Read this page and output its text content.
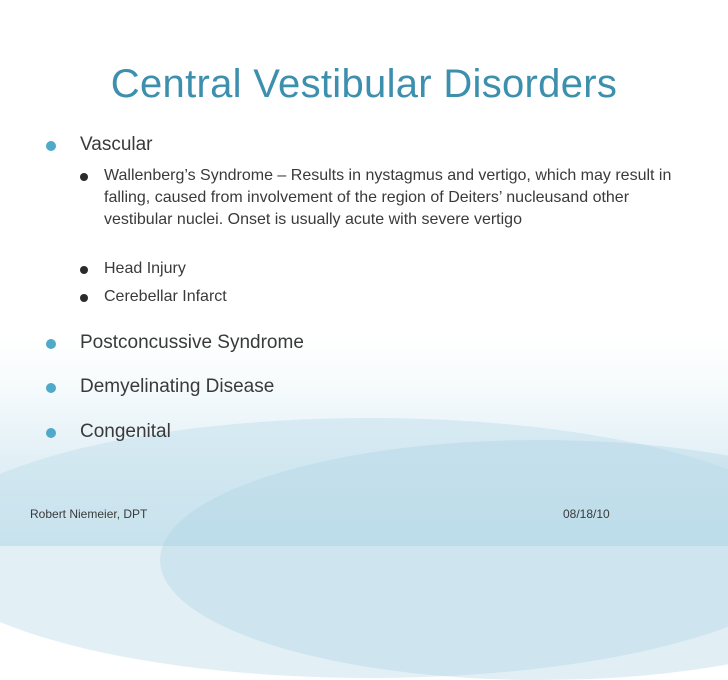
Central Vestibular Disorders
Vascular
Wallenberg’s Syndrome – Results in nystagmus and vertigo, which may result in falling, caused from involvement of the region of Deiters’ nucleusand other vestibular nuclei. Onset is usually acute with severe vertigo
Head Injury
Cerebellar Infarct
Postconcussive Syndrome
Demyelinating Disease
Congenital
Robert Niemeier, DPT	08/18/10
